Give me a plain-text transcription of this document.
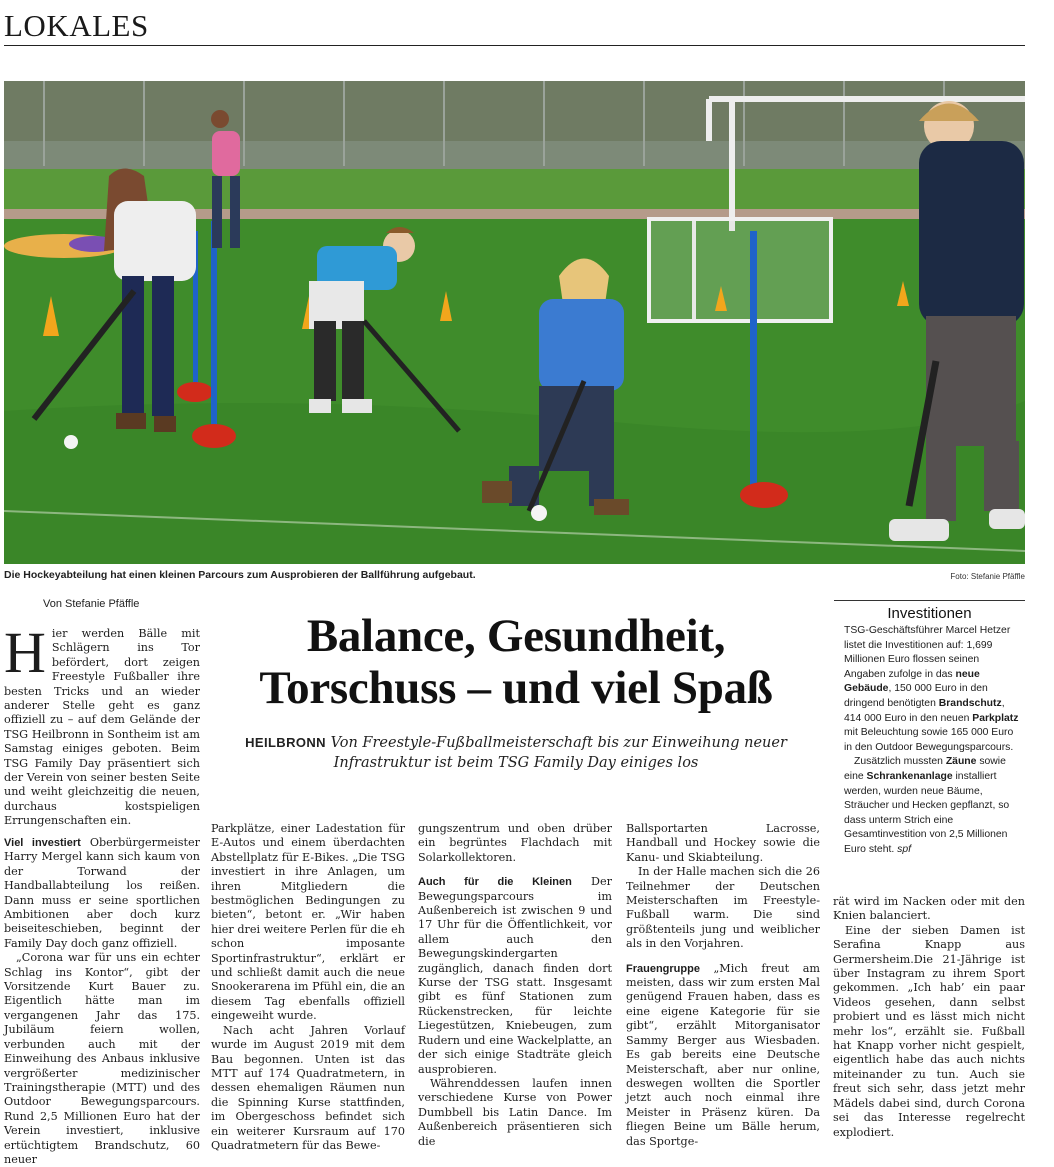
LOKALES
Die Hockeyabteilung hat einen kleinen Parcours zum Ausprobieren der Ballführung aufgebaut.	Foto: Stefanie Pfäffle
Von Stefanie Pfäffle
H ier werden Bälle mit Schlägern ins Tor befördert, dort zeigen Freestyle Fußballer ihre besten Tricks und an wieder anderer Stelle geht es ganz offiziell zu – auf dem Gelände der TSG Heilbronn in Sontheim ist am Samstag einiges geboten. Beim TSG Family Day präsentiert sich der Verein von seiner besten Seite und weiht gleichzeitig die neuen, durchaus kostspieligen Errungenschaften ein.
Balance, Gesundheit, Torschuss – und viel Spaß
HEILBRONN Von Freestyle-Fußballmeisterschaft bis zur Einweihung neuer Infrastruktur ist beim TSG Family Day einiges los

Viel investiert Oberbürgermeister Harry Mergel kann sich kaum von der Torwand der Handballabteilung los reißen. Dann muss er seine sportlichen Ambitionen aber doch kurz beiseiteschieben, beginnt der Family Day doch ganz offiziell.

„Corona war für uns ein echter Schlag ins Kontor“, gibt der Vorsitzende Kurt Bauer zu. Eigentlich hätte man im vergangenen Jahr das 175. Jubiläum feiern wollen, verbunden auch mit der Einweihung des Anbaus inklusive vergrößerter medizinischer Trainingstherapie (MTT) und des Outdoor Bewegungsparcours. Rund 2,5 Millionen Euro hat der Verein investiert, inklusive ertüchtigtem Brandschutz, 60 neuer

Parkplätze, einer Ladestation für E-Autos und einem überdachten Abstellplatz für E-Bikes. „Die TSG investiert in ihre Anlagen, um ihren Mitgliedern die bestmöglichen Bedingungen zu bieten“, betont er. „Wir haben hier drei weitere Perlen für die eh schon imposante Sportinfrastruktur“, erklärt er und schließt damit auch die neue Snookerarena im Pfühl ein, die an diesem Tag ebenfalls offiziell eingeweiht wurde.

Nach acht Jahren Vorlauf wurde im August 2019 mit dem Bau begonnen. Unten ist das MTT auf 174 Quadratmetern, in dessen ehemaligen Räumen nun die Spinning Kurse stattfinden, im Obergeschoss befindet sich ein weiterer Kursraum auf 170 Quadratmetern für das Bewe-

gungszentrum und oben drüber ein begrüntes Flachdach mit Solarkollektoren.

Auch für die Kleinen Der Bewegungsparcours im Außenbereich ist zwischen 9 und 17 Uhr für die Öffentlichkeit, vor allem auch den Bewegungskindergarten zugänglich, danach finden dort Kurse der TSG statt. Insgesamt gibt es fünf Stationen zum Rückenstrecken, für leichte Liegestützen, Kniebeugen, zum Rudern und eine Wackelplatte, an der sich einige Stadträte gleich ausprobieren.

Währenddessen laufen innen verschiedene Kurse von Power Dumbbell bis Latin Dance. Im Außenbereich präsentieren sich die

Ballsportarten Lacrosse, Handball und Hockey sowie die Kanu- und Skiabteilung.

In der Halle machen sich die 26 Teilnehmer der Deutschen Meisterschaften im Freestyle-Fußball warm. Die sind größtenteils jung und weiblicher als in den Vorjahren.

Frauengruppe „Mich freut am meisten, dass wir zum ersten Mal genügend Frauen haben, dass es eine eigene Kategorie für sie gibt“, erzählt Mitorganisator Sammy Berger aus Wiesbaden. Es gab bereits eine Deutsche Meisterschaft, aber nur online, deswegen wollten die Sportler jetzt auch noch einmal ihre Meister in Präsenz küren. Da fliegen Beine um Bälle herum, das Sportge-

rät wird im Nacken oder mit den Knien balanciert.

Eine der sieben Damen ist Serafina Knapp aus Germersheim.Die 21-Jährige ist über Instagram zu ihrem Sport gekommen. „Ich hab’ ein paar Videos gesehen, dann selbst probiert und es lässt mich nicht mehr los“, erzählt sie. Fußball hat Knapp vorher nicht gespielt, eigentlich habe das auch nichts miteinander zu tun. Auch sie freut sich sehr, dass jetzt mehr Mädels dabei sind, durch Corona sei das Interesse regelrecht explodiert.

Investitionen

TSG-Geschäftsführer Marcel Hetzer listet die Investitionen auf: 1,699 Millionen Euro flossen seinen Angaben zufolge in das neue Gebäude, 150 000 Euro in den dringend benötigten Brandschutz, 414 000 Euro in den neuen Parkplatz mit Beleuchtung sowie 165 000 Euro in den Outdoor Bewegungsparcours.

Zusätzlich mussten Zäune sowie eine Schrankenanlage installiert werden, wurden neue Bäume, Sträucher und Hecken gepflanzt, so dass unterm Strich eine Gesamtinvestition von 2,5 Millionen Euro steht. spf
